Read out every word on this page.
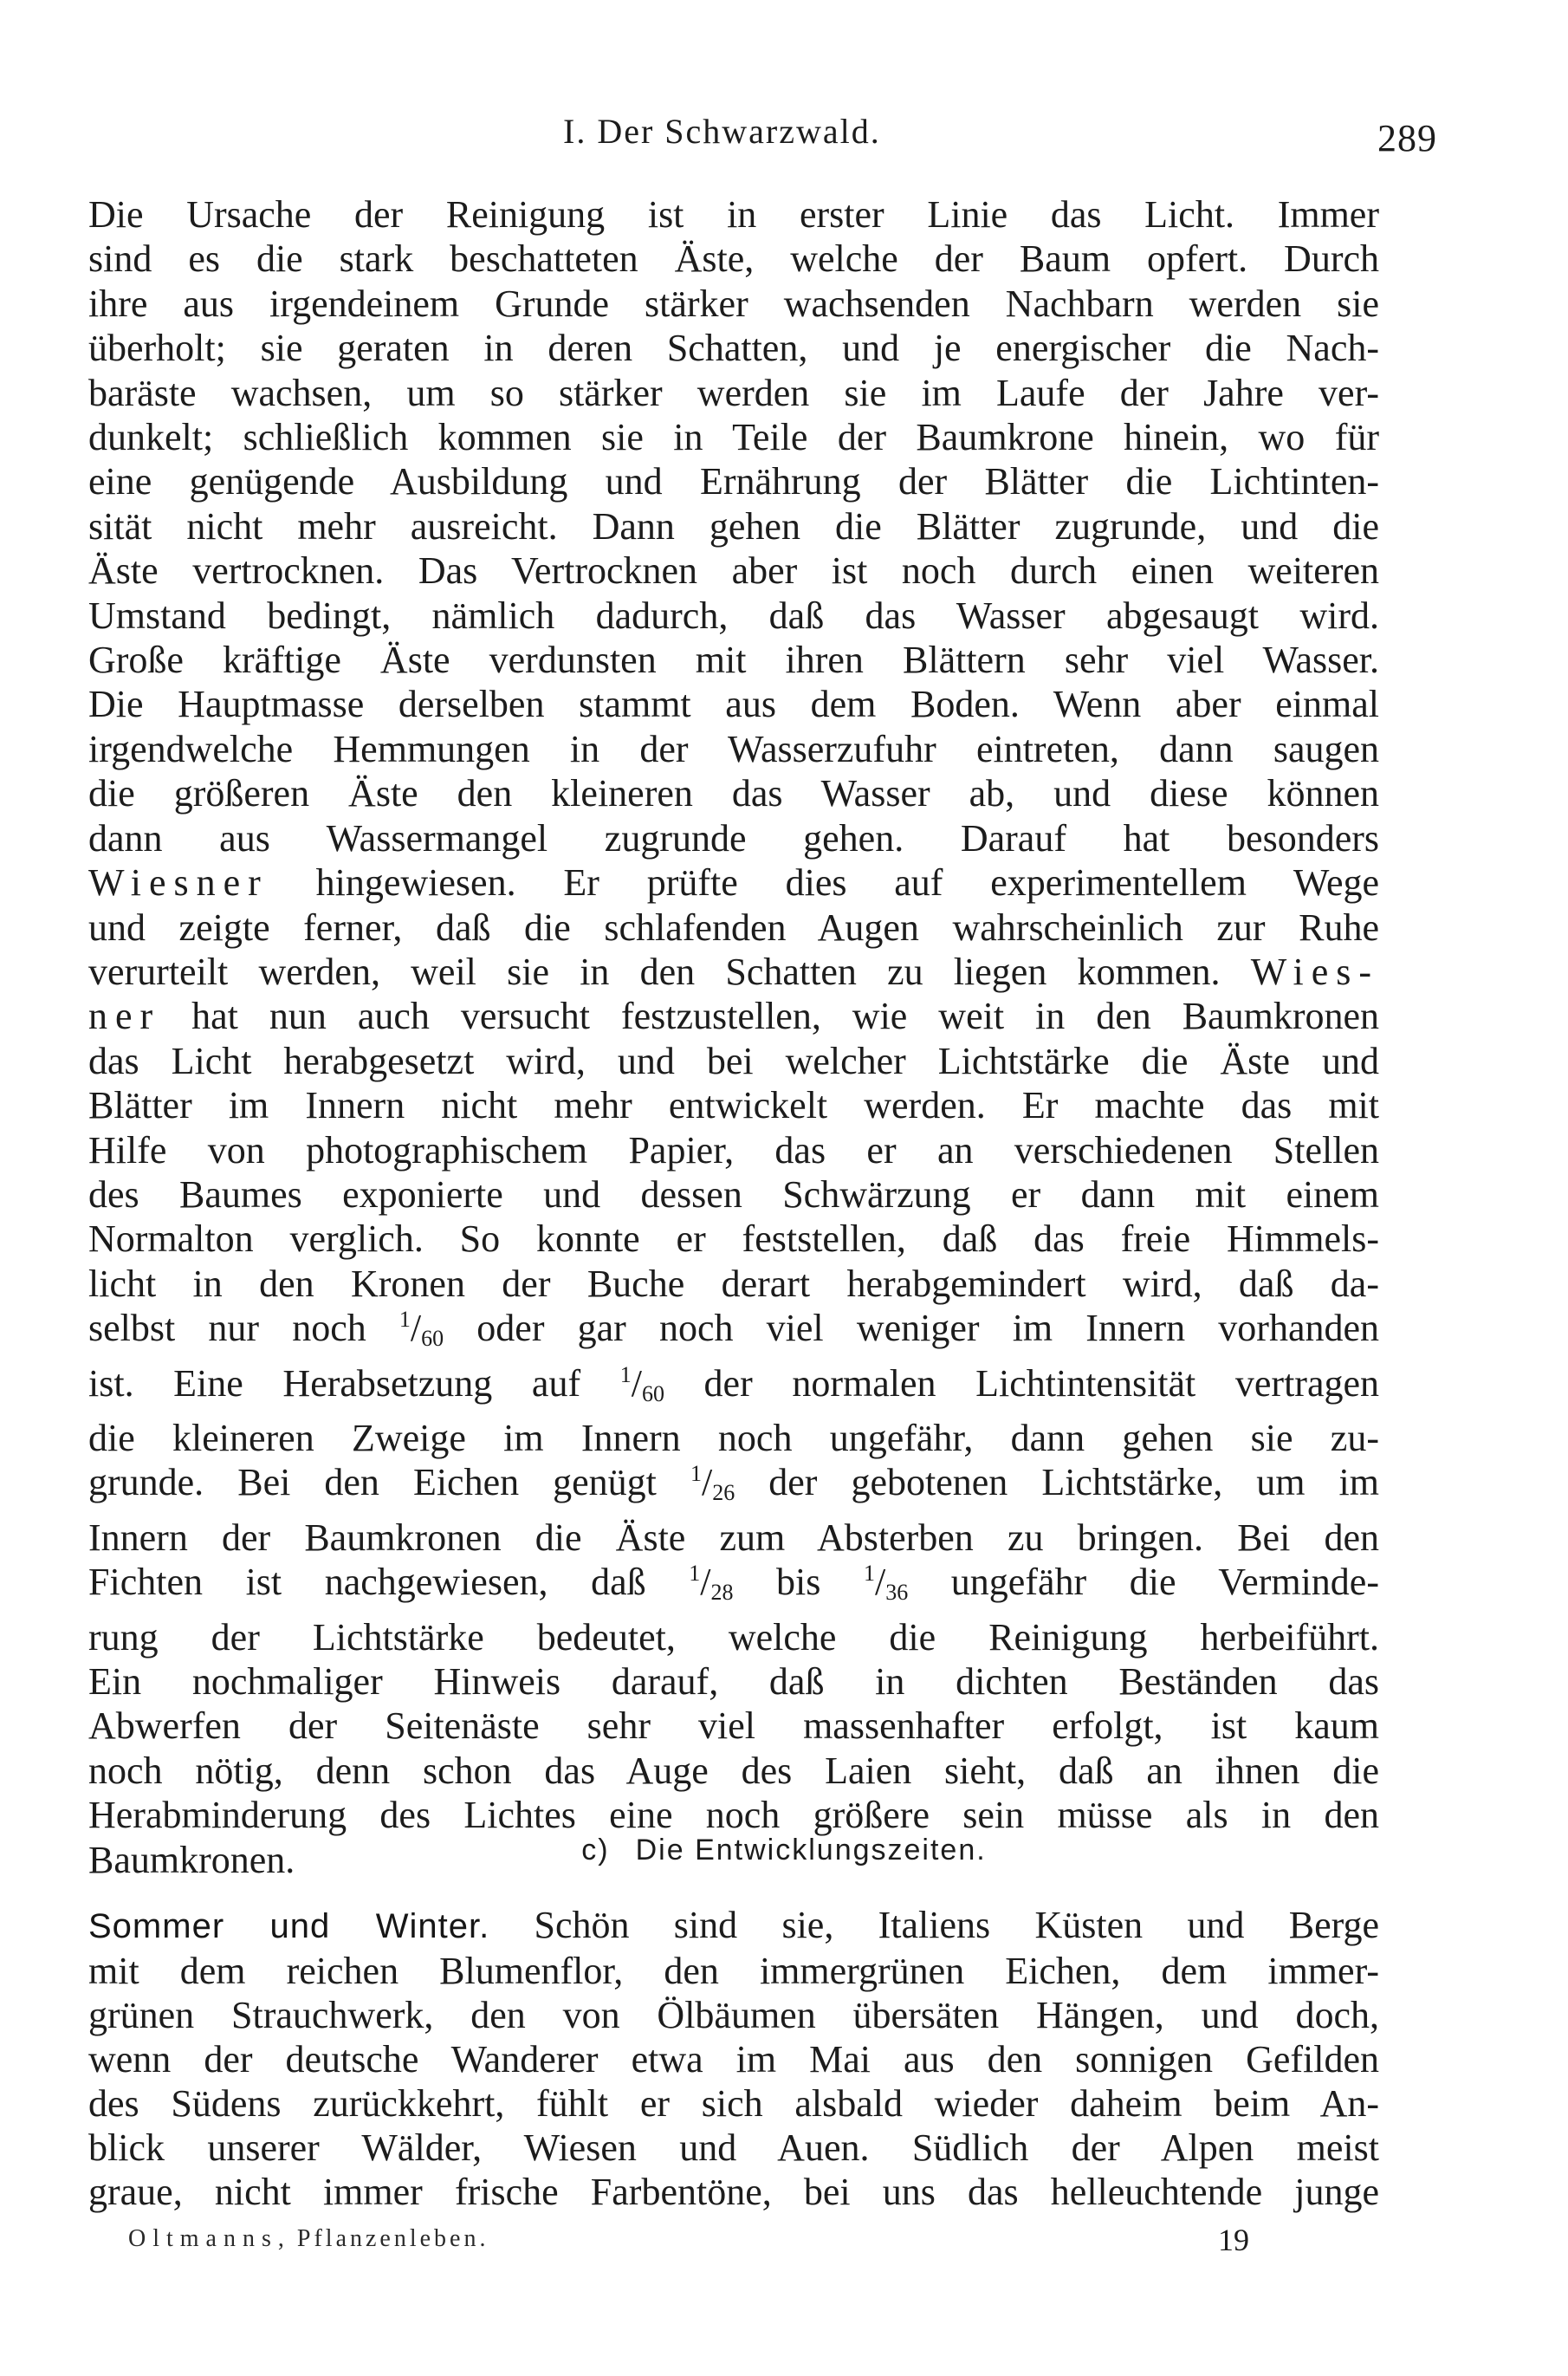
I. Der Schwarzwald.	289

Die Ursache der Reinigung ist in erster Linie das Licht. Immer
sind es die stark beschatteten Äste, welche der Baum opfert. Durch
ihre aus irgendeinem Grunde stärker wachsenden Nachbarn werden sie
überholt; sie geraten in deren Schatten, und je energischer die Nach-
baräste wachsen, um so stärker werden sie im Laufe der Jahre ver-
dunkelt; schließlich kommen sie in Teile der Baumkrone hinein, wo für
eine genügende Ausbildung und Ernährung der Blätter die Lichtinten-
sität nicht mehr ausreicht. Dann gehen die Blätter zugrunde, und die
Äste vertrocknen. Das Vertrocknen aber ist noch durch einen weiteren
Umstand bedingt, nämlich dadurch, daß das Wasser abgesaugt wird.
Große kräftige Äste verdunsten mit ihren Blättern sehr viel Wasser.
Die Hauptmasse derselben stammt aus dem Boden. Wenn aber einmal
irgendwelche Hemmungen in der Wasserzufuhr eintreten, dann saugen
die größeren Äste den kleineren das Wasser ab, und diese können
dann aus Wassermangel zugrunde gehen. Darauf hat besonders
Wiesner hingewiesen. Er prüfte dies auf experimentellem Wege
und zeigte ferner, daß die schlafenden Augen wahrscheinlich zur Ruhe
verurteilt werden, weil sie in den Schatten zu liegen kommen. Wies-
ner hat nun auch versucht festzustellen, wie weit in den Baumkronen
das Licht herabgesetzt wird, und bei welcher Lichtstärke die Äste und
Blätter im Innern nicht mehr entwickelt werden. Er machte das mit
Hilfe von photographischem Papier, das er an verschiedenen Stellen
des Baumes exponierte und dessen Schwärzung er dann mit einem
Normalton verglich. So konnte er feststellen, daß das freie Himmels-
licht in den Kronen der Buche derart herabgemindert wird, daß da-
selbst nur noch $^1/_{60}$ oder gar noch viel weniger im Innern vorhanden
ist. Eine Herabsetzung auf $^1/_{60}$ der normalen Lichtintensität vertragen
die kleineren Zweige im Innern noch ungefähr, dann gehen sie zu-
grunde. Bei den Eichen genügt $^1/_{26}$ der gebotenen Lichtstärke, um im
Innern der Baumkronen die Äste zum Absterben zu bringen. Bei den
Fichten ist nachgewiesen, daß $^1/_{28}$ bis $^1/_{36}$ ungefähr die Verminde-
rung der Lichtstärke bedeutet, welche die Reinigung herbeiführt.
Ein nochmaliger Hinweis darauf, daß in dichten Beständen das
Abwerfen der Seitenäste sehr viel massenhafter erfolgt, ist kaum
noch nötig, denn schon das Auge des Laien sieht, daß an ihnen die
Herabminderung des Lichtes eine noch größere sein müsse als in den
Baumkronen.	c) Die Entwicklungszeiten.
Sommer und Winter. Schön sind sie, Italiens Küsten und Berge
mit dem reichen Blumenflor, den immergrünen Eichen, dem immer-
grünen Strauchwerk, den von Ölbäumen übersäten Hängen, und doch,
wenn der deutsche Wanderer etwa im Mai aus den sonnigen Gefilden
des Südens zurückkehrt, fühlt er sich alsbald wieder daheim beim An-
blick unserer Wälder, Wiesen und Auen. Südlich der Alpen meist
graue, nicht immer frische Farbentöne, bei uns das helleuchtende junge
Oltmanns, Pflanzenleben.	19
